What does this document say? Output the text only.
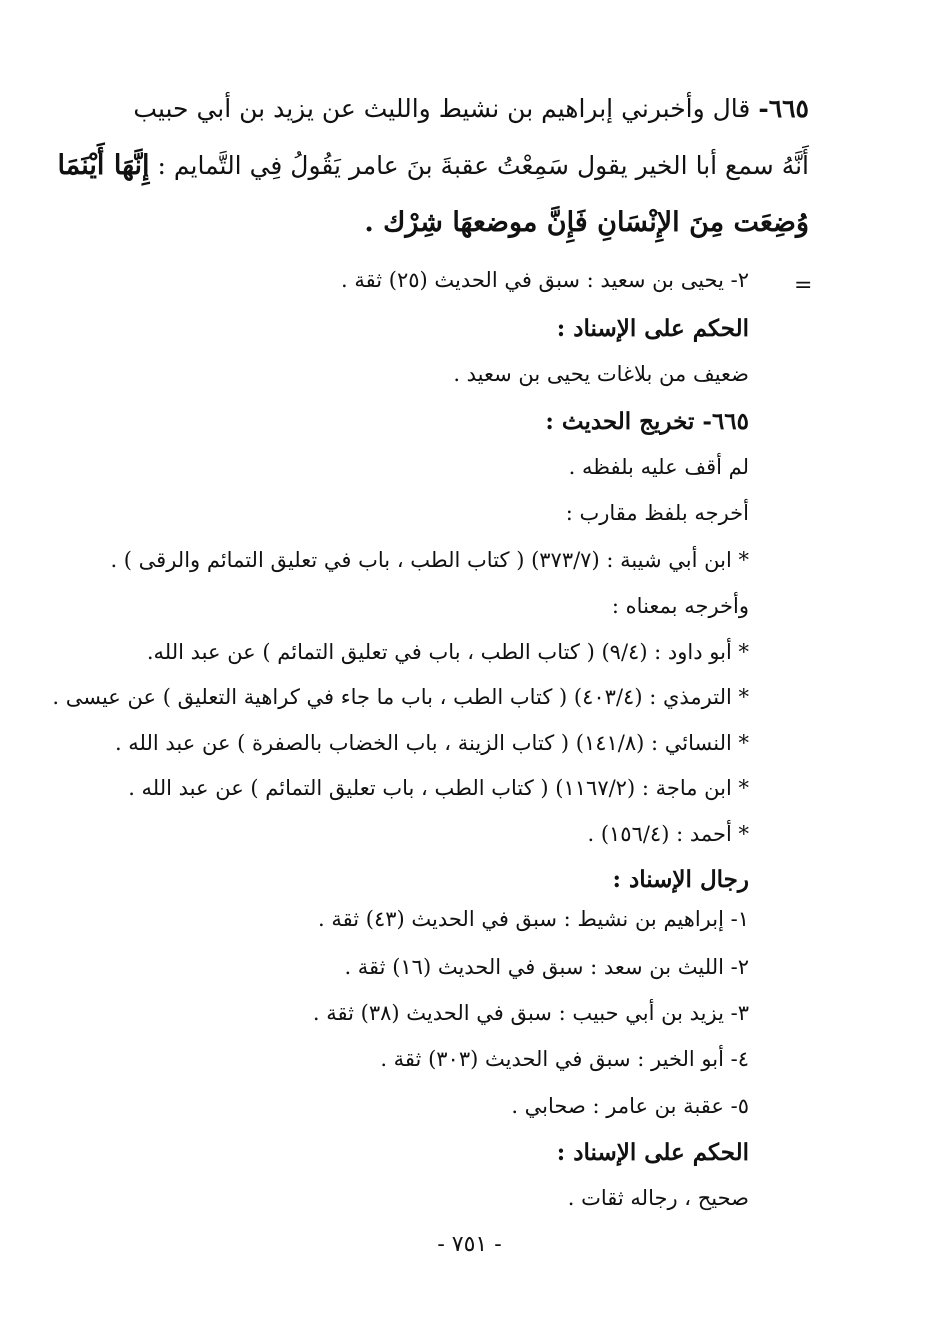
٦٦٥- قال وأخبرني إبراهيم بن نشيط والليث عن يزيد بن أبي حبيب
أَنَّهُ سمع أبا الخير يقول سَمِعْتُ عقبةَ بنَ عامر يَقُولُ فِي التَّمايم : إِنَّهَا أَيْنَمَا
وُضِعَت مِنَ الإِنْسَانِ فَإِنَّ موضعهَا شِرْك .
=
٢- يحيى بن سعيد : سبق في الحديث (٢٥) ثقة .
الحكم على الإسناد :
ضعيف من بلاغات يحيى بن سعيد .
٦٦٥- تخريج الحديث :
لم أقف عليه بلفظه .
أخرجه بلفظ مقارب :
* ابن أبي شيبة : (٣٧٣/٧) ( كتاب الطب ، باب في تعليق التمائم والرقى ) .
وأخرجه بمعناه :
* أبو داود : (٩/٤) ( كتاب الطب ، باب في تعليق التمائم ) عن عبد الله.
* الترمذي : (٤٠٣/٤) ( كتاب الطب ، باب ما جاء في كراهية التعليق ) عن عيسى .
* النسائي : (١٤١/٨) ( كتاب الزينة ، باب الخضاب بالصفرة ) عن عبد الله .
* ابن ماجة : (١١٦٧/٢) ( كتاب الطب ، باب تعليق التمائم ) عن عبد الله .
* أحمد : (١٥٦/٤) .
رجال الإسناد :
١- إبراهيم بن نشيط : سبق في الحديث (٤٣) ثقة .
٢- الليث بن سعد : سبق في الحديث (١٦) ثقة .
٣- يزيد بن أبي حبيب : سبق في الحديث (٣٨) ثقة .
٤- أبو الخير : سبق في الحديث (٣٠٣) ثقة .
٥- عقبة بن عامر : صحابي .
الحكم على الإسناد :
صحيح ، رجاله ثقات .
- ٧٥١ -
